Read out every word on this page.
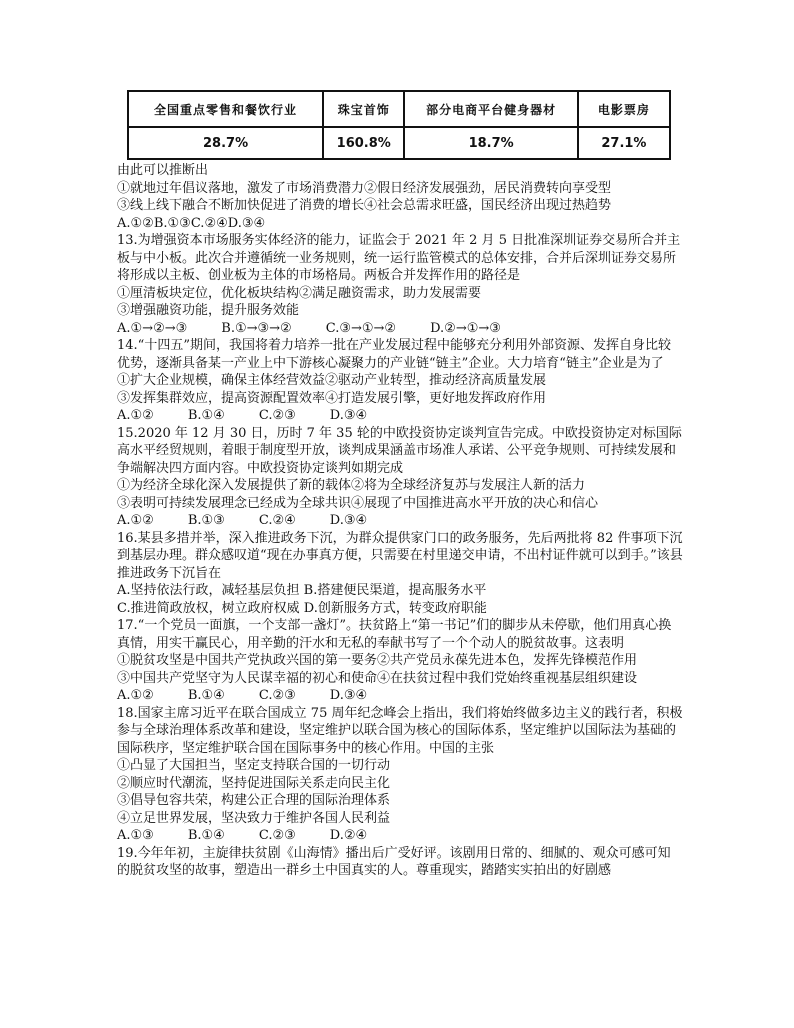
全国重点零售和餐饮行业	珠宝首饰	部分电商平台健身器材	电影票房
28.7%	160.8%	18.7%	27.1%

由此可以推断出

①就地过年倡议落地，激发了市场消费潜力②假日经济发展强劲，居民消费转向享受型

③线上线下融合不断加快促进了消费的增长④社会总需求旺盛，国民经济出现过热趋势

A.①②B.①③C.②④D.③④

13.为增强资本市场服务实体经济的能力，证监会于 2021 年 2 月 5 日批准深圳证券交易所合并主板与中小板。此次合并遵循统一业务规则，统一运行监管模式的总体安排，合并后深圳证券交易所将形成以主板、创业板为主体的市场格局。两板合并发挥作用的路径是

①厘清板块定位，优化板块结构②满足融资需求，助力发展需要

③增强融资功能，提升服务效能

A.①→②→③	B.①→③→②	C.③→①→②	D.②→①→③

14.“十四五”期间，我国将着力培养一批在产业发展过程中能够充分利用外部资源、发挥自身比较优势，逐渐具备某一产业上中下游核心凝聚力的产业链“链主”企业。大力培育“链主”企业是为了

①扩大企业规模，确保主体经营效益②驱动产业转型，推动经济高质量发展

③发挥集群效应，提高资源配置效率④打造发展引擎，更好地发挥政府作用

A.①②	B.①④	C.②③	D.③④

15.2020 年 12 月 30 日，历时 7 年 35 轮的中欧投资协定谈判宣告完成。中欧投资协定对标国际高水平经贸规则，着眼于制度型开放，谈判成果涵盖市场准人承诺、公平竞争规则、可持续发展和争端解决四方面内容。中欧投资协定谈判如期完成

①为经济全球化深入发展提供了新的载体②将为全球经济复苏与发展注人新的活力

③表明可持续发展理念已经成为全球共识④展现了中国推进高水平开放的决心和信心

A.①②	B.①③	C.②④	D.③④

16.某县多措并举，深入推进政务下沉，为群众提供家门口的政务服务，先后两批将 82 件事项下沉到基层办理。群众感叹道“现在办事真方便，只需要在村里递交申请，不出村证件就可以到手。”该县推进政务下沉旨在

A.坚持依法行政，减轻基层负担 B.搭建便民渠道，提高服务水平

C.推进简政放权，树立政府权威 D.创新服务方式，转变政府职能

17.“一个党员一面旗，一个支部一盏灯”。扶贫路上“第一书记”们的脚步从未停歇，他们用真心换真情，用实干赢民心，用辛勤的汗水和无私的奉献书写了一个个动人的脱贫故事。这表明

①脱贫攻坚是中国共产党执政兴国的第一要务②共产党员永葆先进本色，发挥先锋模范作用

③中国共产党坚守为人民谋幸福的初心和使命④在扶贫过程中我们党始终重视基层组织建设

A.①②	B.①④	C.②③	D.③④

18.国家主席习近平在联合国成立 75 周年纪念峰会上指出，我们将始终做多边主义的践行者，积极参与全球治理体系改革和建设，坚定维护以联合国为核心的国际体系，坚定维护以国际法为基础的国际秩序，坚定维护联合国在国际事务中的核心作用。中国的主张

①凸显了大国担当，坚定支持联合国的一切行动

②顺应时代潮流，坚持促进国际关系走向民主化

③倡导包容共荣，构建公正合理的国际治理体系

④立足世界发展，坚决致力于维护各国人民利益

A.①③	B.①④	C.②③	D.②④

19.今年年初，主旋律扶贫剧《山海情》播出后广受好评。该剧用日常的、细腻的、观众可感可知的脱贫攻坚的故事，塑造出一群乡土中国真实的人。尊重现实，踏踏实实拍出的好剧感
